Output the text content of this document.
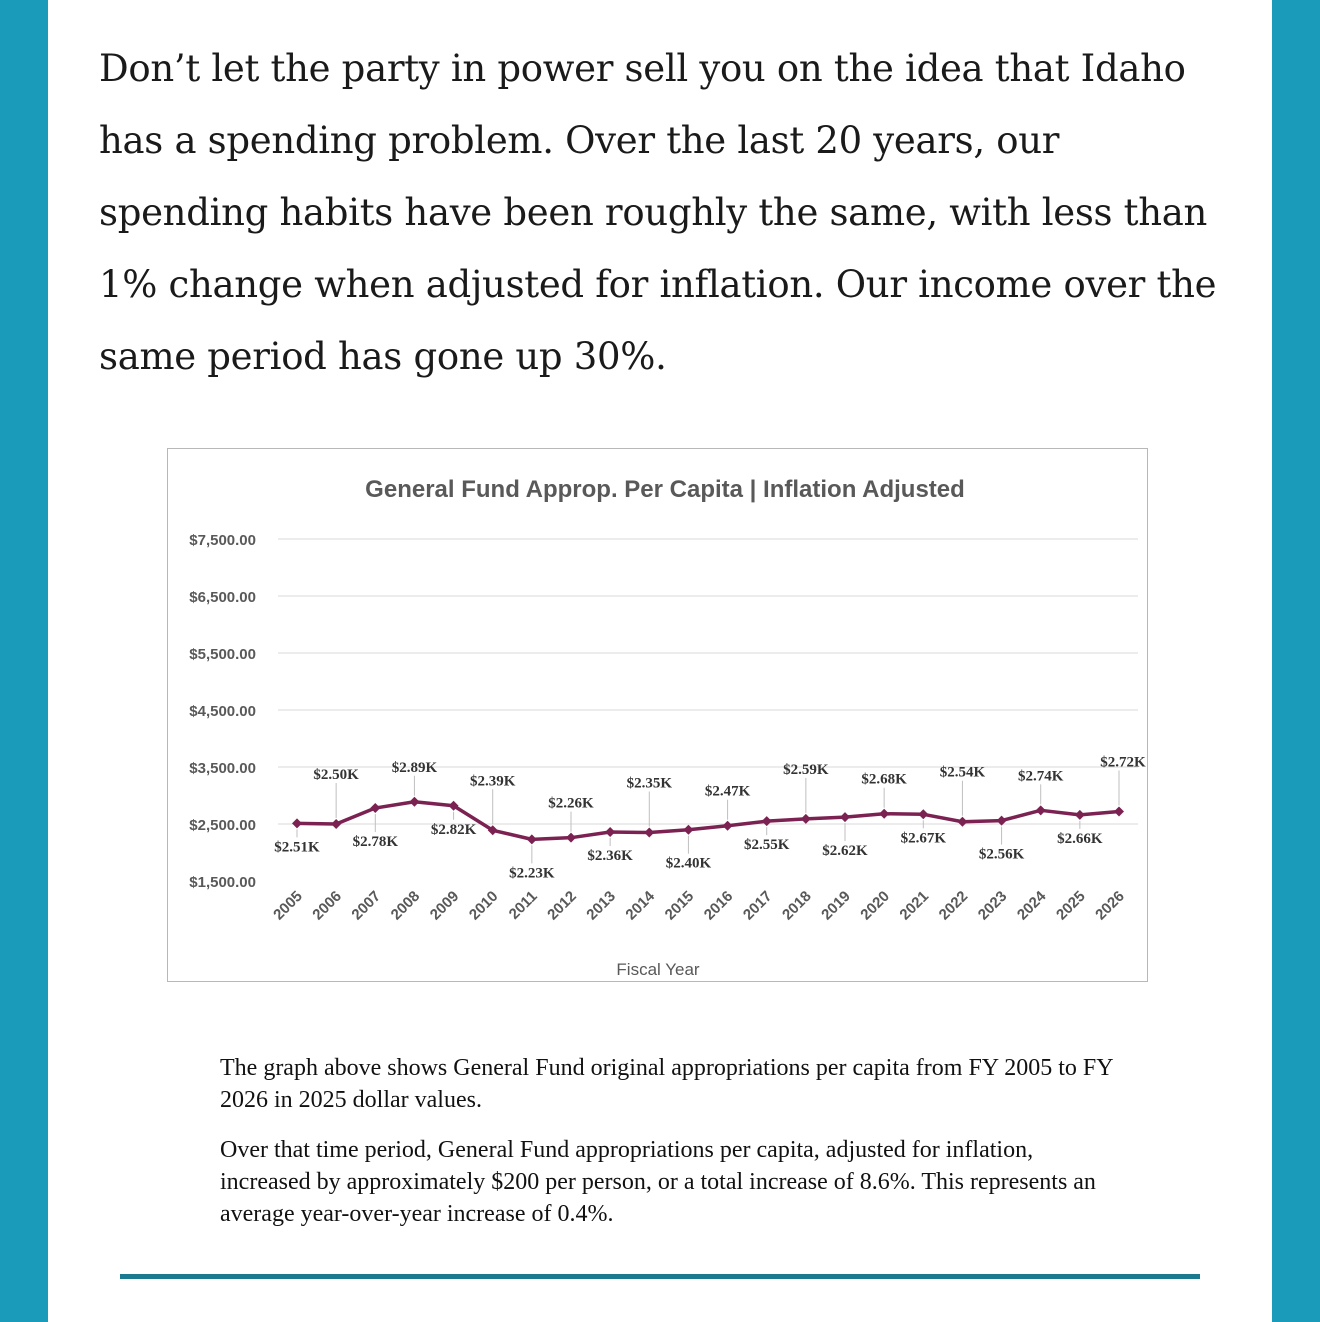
Don’t let the party in power sell you on the idea that Idaho has a spending problem. Over the last 20 years, our spending habits have been roughly the same, with less than 1% change when adjusted for inflation. Our income over the same period has gone up 30%.

General Fund Approp. Per Capita | Inflation Adjusted
$1,500.00
$2,500.00
$3,500.00
$4,500.00
$5,500.00
$6,500.00
$7,500.00
$2.51K
$2.50K
$2.78K
$2.89K
$2.82K
$2.39K
$2.23K
$2.26K
$2.36K
$2.35K
$2.40K
$2.47K
$2.55K
$2.59K
$2.62K
$2.68K
$2.67K
$2.54K
$2.56K
$2.74K
$2.66K
$2.72K
2005 2006 2007 2008 2009 2010 2011 2012 2013 2014 2015 2016 2017 2018 2019 2020 2021 2022 2023 2024 2025 2026
Fiscal Year

The graph above shows General Fund original appropriations per capita from FY 2005 to FY 2026 in 2025 dollar values.

Over that time period, General Fund appropriations per capita, adjusted for inflation, increased by approximately $200 per person, or a total increase of 8.6%. This represents an average year-over-year increase of 0.4%.
